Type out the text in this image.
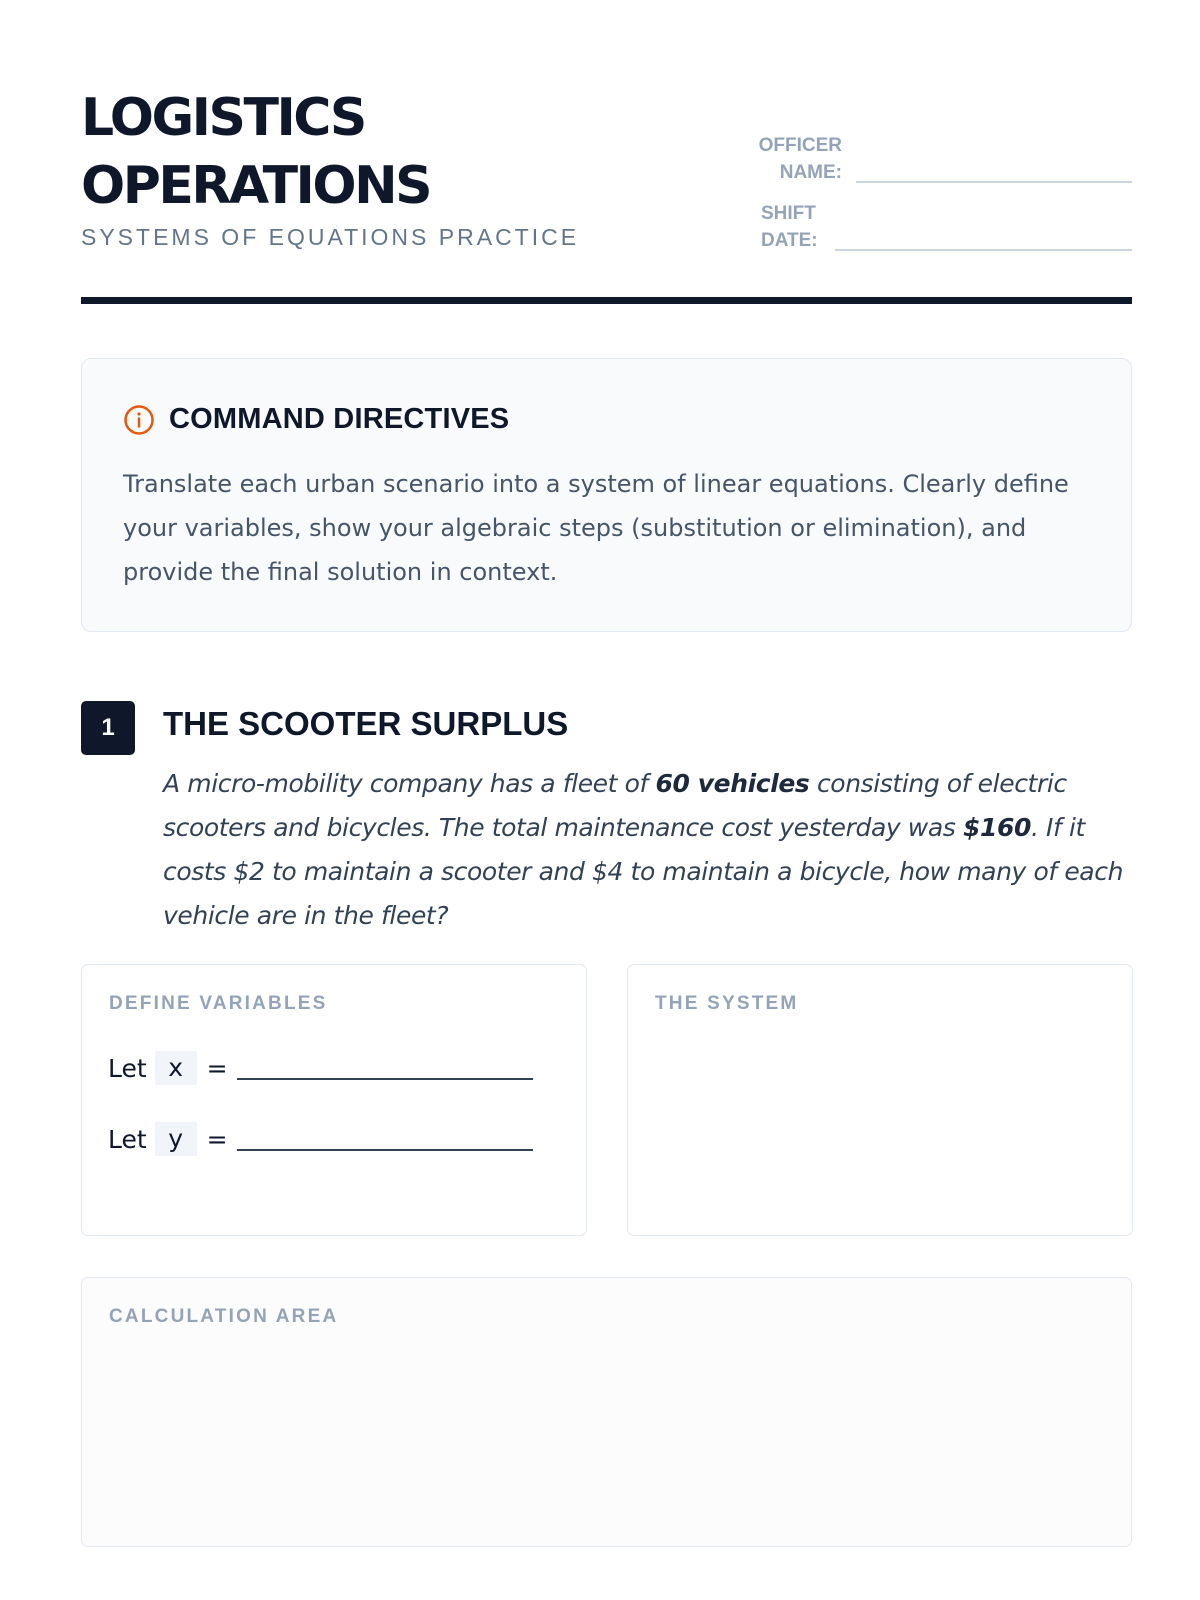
LOGISTICS
OPERATIONS
SYSTEMS OF EQUATIONS PRACTICE
OFFICER
NAME:
SHIFT
DATE:
COMMAND DIRECTIVES

Translate each urban scenario into a system of linear equations. Clearly define your variables, show your algebraic steps (substitution or elimination), and provide the final solution in context.

1	THE SCOOTER SURPLUS

A micro-mobility company has a fleet of 60 vehicles consisting of electric scooters and bicycles. The total maintenance cost yesterday was $160. If it costs $2 to maintain a scooter and $4 to maintain a bicycle, how many of each vehicle are in the fleet?

DEFINE VARIABLES
Let x =
Let y =
THE SYSTEM
CALCULATION AREA
